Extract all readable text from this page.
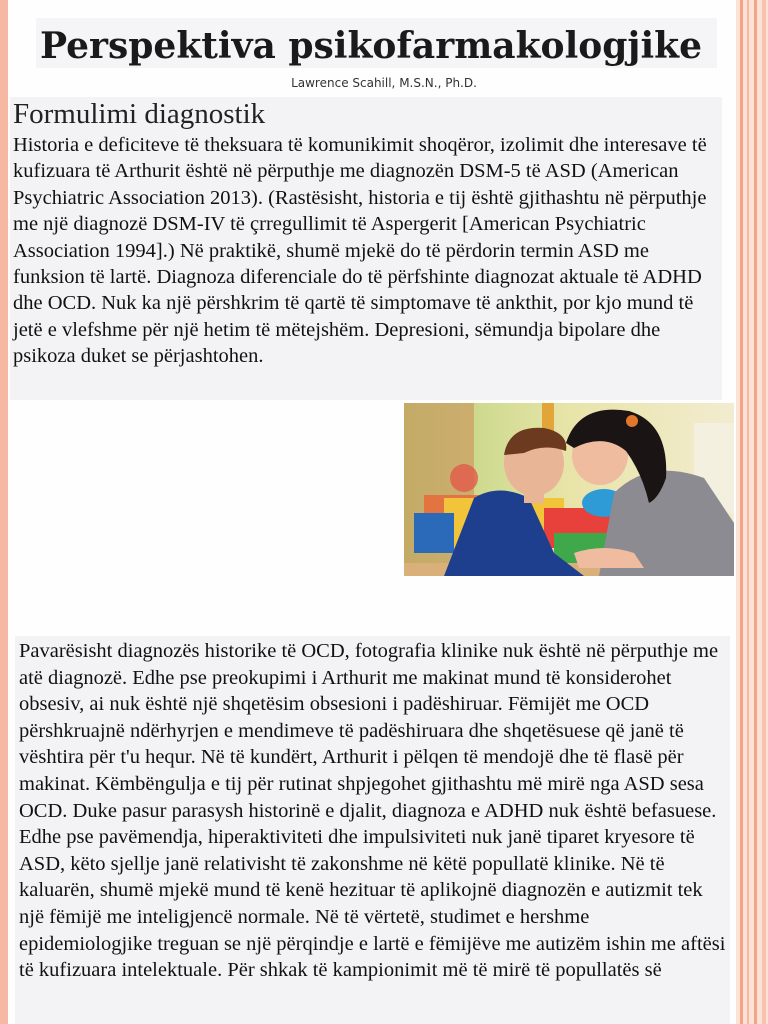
Perspektiva psikofarmakologjike
Lawrence Scahill, M.S.N., Ph.D.
Formulimi diagnostik

Historia e deficiteve të theksuara të komunikimit shoqëror, izolimit dhe interesave të kufizuara të Arthurit është në përputhje me diagnozën DSM-5 të ASD (American Psychiatric Association 2013). (Rastësisht, historia e tij është gjithashtu në përputhje me një diagnozë DSM-IV të çrregullimit të Aspergerit [American Psychiatric Association 1994].) Në praktikë, shumë mjekë do të përdorin termin ASD me funksion të lartë. Diagnoza diferenciale do të përfshinte diagnozat aktuale të ADHD dhe OCD. Nuk ka një përshkrim të qartë të simptomave të ankthit, por kjo mund të jetë e vlefshme për një hetim të mëtejshëm. Depresioni, sëmundja bipolare dhe psikoza duket se përjashtohen.

Pavarësisht diagnozës historike të OCD, fotografia klinike nuk është në përputhje me atë diagnozë. Edhe pse preokupimi i Arthurit me makinat mund të konsiderohet obsesiv, ai nuk është një shqetësim obsesioni i padëshiruar. Fëmijët me OCD përshkruajnë ndërhyrjen e mendimeve të padëshiruara dhe shqetësuese që janë të vështira për t'u hequr. Në të kundërt, Arthurit i pëlqen të mendojë dhe të flasë për makinat. Këmbëngulja e tij për rutinat shpjegohet gjithashtu më mirë nga ASD sesa OCD. Duke pasur parasysh historinë e djalit, diagnoza e ADHD nuk është befasuese. Edhe pse pavëmendja, hiperaktiviteti dhe impulsiviteti nuk janë tiparet kryesore të ASD, këto sjellje janë relativisht të zakonshme në këtë popullatë klinike. Në të kaluarën, shumë mjekë mund të kenë hezituar të aplikojnë diagnozën e autizmit tek një fëmijë me inteligjencë normale. Në të vërtetë, studimet e hershme epidemiologjike treguan se një përqindje e lartë e fëmijëve me autizëm ishin me aftësi të kufizuara intelektuale. Për shkak të kampionimit më të mirë të popullatës së
